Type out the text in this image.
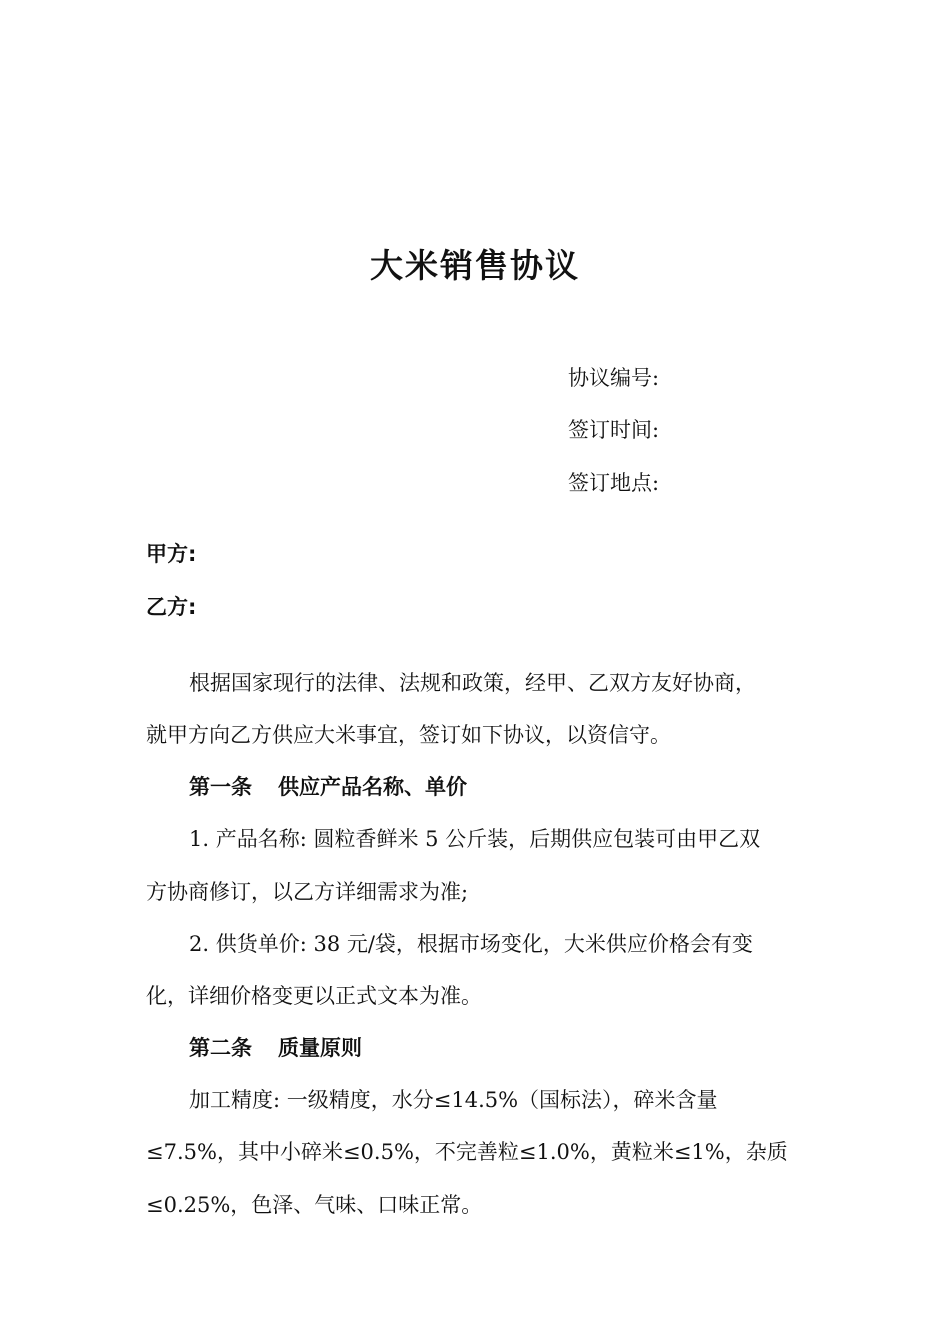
大米销售协议
协议编号:
签订时间:
签订地点:
甲方:
乙方:
根据国家现行的法律、法规和政策，经甲、乙双方友好协商，
就甲方向乙方供应大米事宜，签订如下协议，以资信守。
第一条 供应产品名称、单价
1. 产品名称: 圆粒香鲜米 5 公斤装，后期供应包装可由甲乙双
方协商修订，以乙方详细需求为准;
2. 供货单价: 38 元/袋，根据市场变化，大米供应价格会有变
化，详细价格变更以正式文本为准。
第二条 质量原则
加工精度: 一级精度，水分≤14.5%（国标法），碎米含量
≤7.5%，其中小碎米≤0.5%，不完善粒≤1.0%，黄粒米≤1%，杂质
≤0.25%，色泽、气味、口味正常。
